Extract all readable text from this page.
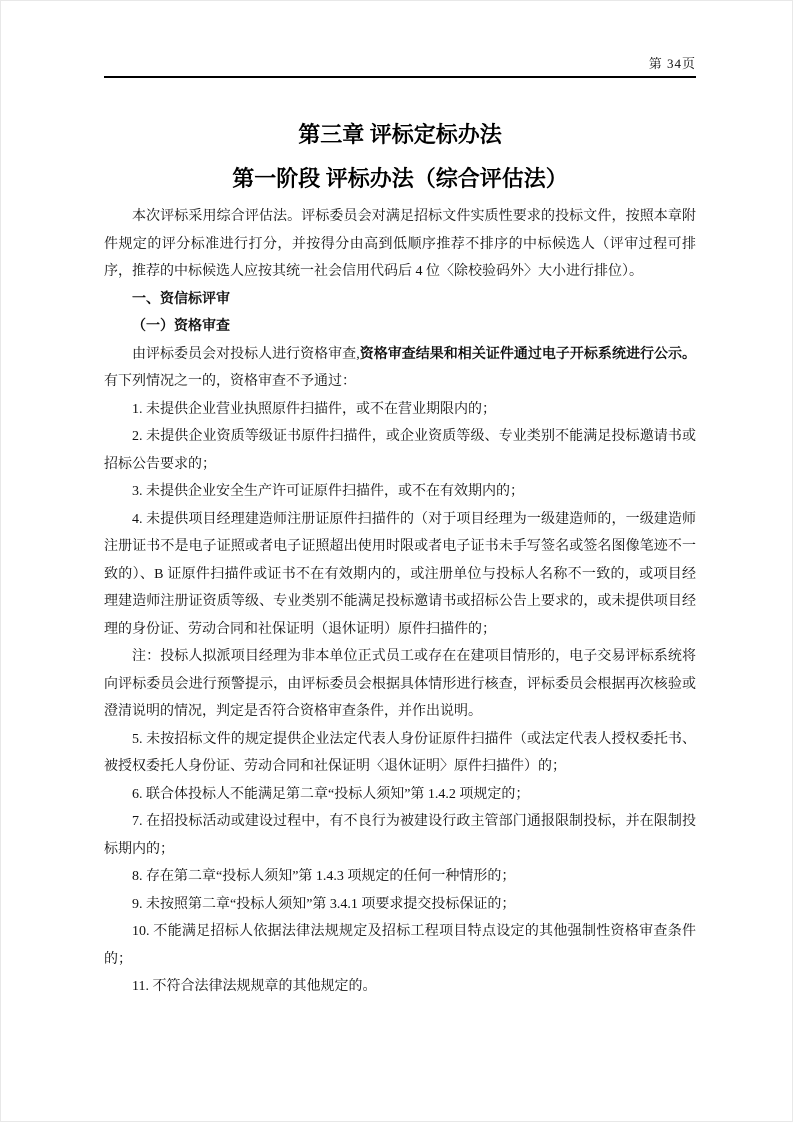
第 34页
第三章 评标定标办法
第一阶段 评标办法（综合评估法）

本次评标采用综合评估法。评标委员会对满足招标文件实质性要求的投标文件，按照本章附件规定的评分标准进行打分，并按得分由高到低顺序推荐不排序的中标候选人（评审过程可排序，推荐的中标候选人应按其统一社会信用代码后 4 位〈除校验码外〉大小进行排位）。

一、资信标评审

（一）资格审查

由评标委员会对投标人进行资格审查,资格审查结果和相关证件通过电子开标系统进行公示。有下列情况之一的，资格审查不予通过：

1. 未提供企业营业执照原件扫描件，或不在营业期限内的；

2. 未提供企业资质等级证书原件扫描件，或企业资质等级、专业类别不能满足投标邀请书或招标公告要求的；

3. 未提供企业安全生产许可证原件扫描件，或不在有效期内的；

4. 未提供项目经理建造师注册证原件扫描件的（对于项目经理为一级建造师的，一级建造师注册证书不是电子证照或者电子证照超出使用时限或者电子证书未手写签名或签名图像笔迹不一致的）、B 证原件扫描件或证书不在有效期内的，或注册单位与投标人名称不一致的，或项目经理建造师注册证资质等级、专业类别不能满足投标邀请书或招标公告上要求的，或未提供项目经理的身份证、劳动合同和社保证明（退休证明）原件扫描件的；

注：投标人拟派项目经理为非本单位正式员工或存在在建项目情形的，电子交易评标系统将向评标委员会进行预警提示，由评标委员会根据具体情形进行核查，评标委员会根据再次核验或澄清说明的情况，判定是否符合资格审查条件，并作出说明。

5. 未按招标文件的规定提供企业法定代表人身份证原件扫描件（或法定代表人授权委托书、被授权委托人身份证、劳动合同和社保证明〈退休证明〉原件扫描件）的；

6. 联合体投标人不能满足第二章“投标人须知”第 1.4.2 项规定的；

7. 在招投标活动或建设过程中，有不良行为被建设行政主管部门通报限制投标，并在限制投标期内的；

8. 存在第二章“投标人须知”第 1.4.3 项规定的任何一种情形的；

9. 未按照第二章“投标人须知”第 3.4.1 项要求提交投标保证的；

10. 不能满足招标人依据法律法规规定及招标工程项目特点设定的其他强制性资格审查条件的；

11. 不符合法律法规规章的其他规定的。
